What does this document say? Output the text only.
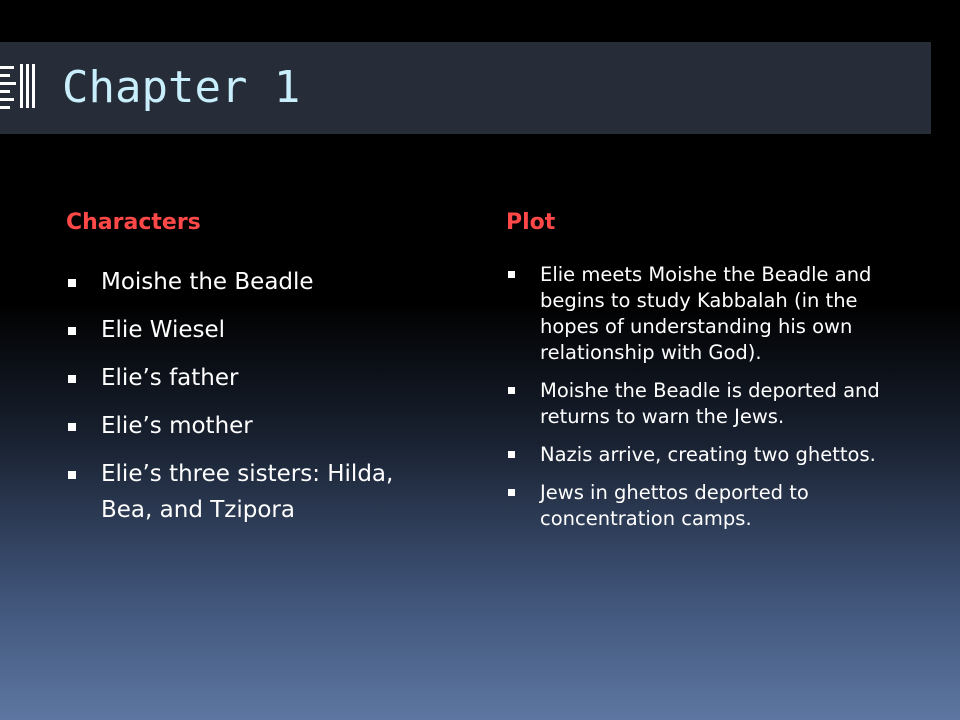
Chapter 1
Characters	Plot
Moishe the Beadle
Elie Wiesel
Elie’s father
Elie’s mother
Elie’s three sisters: Hilda, Bea, and Tzipora
Elie meets Moishe the Beadle and begins to study Kabbalah (in the hopes of understanding his own relationship with God).
Moishe the Beadle is deported and returns to warn the Jews.
Nazis arrive, creating two ghettos.
Jews in ghettos deported to concentration camps.
